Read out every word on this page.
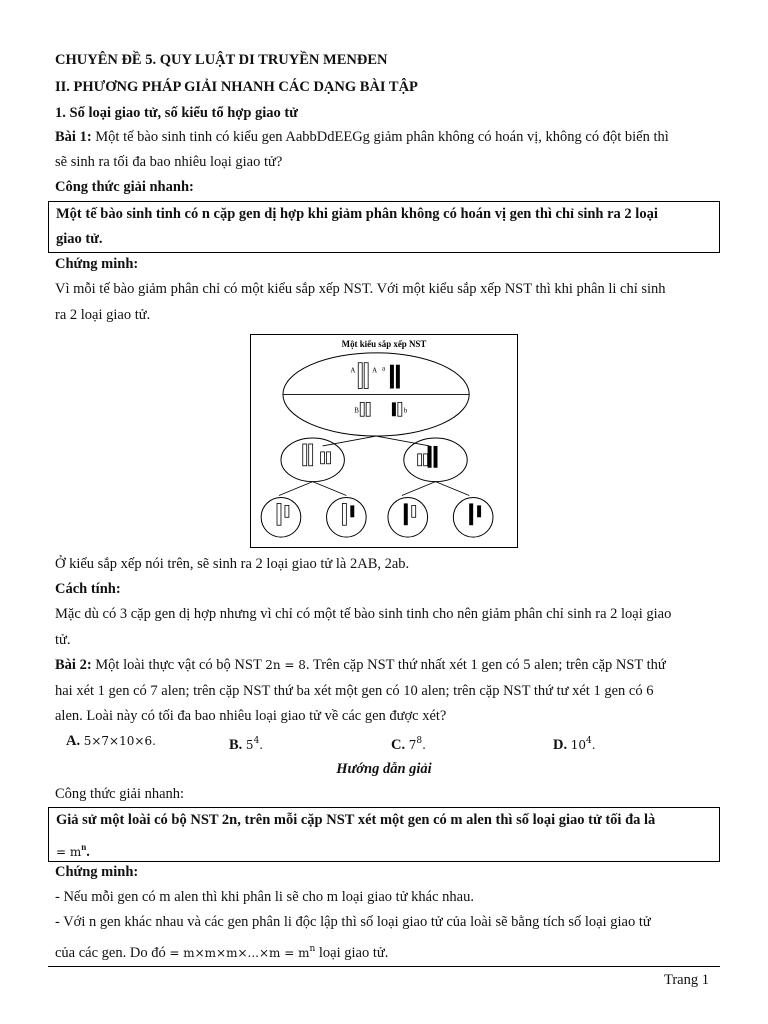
CHUYÊN ĐỀ 5. QUY LUẬT DI TRUYỀN MENĐEN
II. PHƯƠNG PHÁP GIẢI NHANH CÁC DẠNG BÀI TẬP
1. Số loại giao tử, số kiểu tổ hợp giao tử
Bài 1: Một tế bào sinh tinh có kiểu gen AabbDdEEGg giảm phân không có hoán vị, không có đột biến thì
sẽ sinh ra tối đa bao nhiêu loại giao tử?
Công thức giải nhanh:
Một tế bào sinh tinh có n cặp gen dị hợp khi giảm phân không có hoán vị gen thì chỉ sinh ra 2 loại
giao tử.
Chứng minh:
Vì mỗi tế bào giảm phân chỉ có một kiểu sắp xếp NST. Với một kiểu sắp xếp NST thì khi phân li chỉ sinh
ra 2 loại giao tử.
Một kiểu sắp xếp NST
A A a
B	b
Ở kiểu sắp xếp nói trên, sẽ sinh ra 2 loại giao tử là 2AB, 2ab.
Cách tính:
Mặc dù có 3 cặp gen dị hợp nhưng vì chỉ có một tế bào sinh tinh cho nên giảm phân chỉ sinh ra 2 loại giao
tử.
Bài 2: Một loài thực vật có bộ NST 2n = 8. Trên cặp NST thứ nhất xét 1 gen có 5 alen; trên cặp NST thứ
hai xét 1 gen có 7 alen; trên cặp NST thứ ba xét một gen có 10 alen; trên cặp NST thứ tư xét 1 gen có 6
alen. Loài này có tối đa bao nhiêu loại giao tử về các gen được xét?
A. 5×7×10×6.	B. $5^4$.	C. $7^8$.	D. $10^4$.
Hướng dẫn giải
Công thức giải nhanh:
Giả sử một loài có bộ NST 2n, trên mỗi cặp NST xét một gen có m alen thì số loại giao tử tối đa là
= $m^n$.
Chứng minh:
- Nếu mỗi gen có m alen thì khi phân li sẽ cho m loại giao tử khác nhau.
- Với n gen khác nhau và các gen phân li độc lập thì số loại giao tử của loài sẽ bằng tích số loại giao tử
của các gen. Do đó = $m\times m\times m\times...\times m = m^n$ loại giao tử.
Trang 1
